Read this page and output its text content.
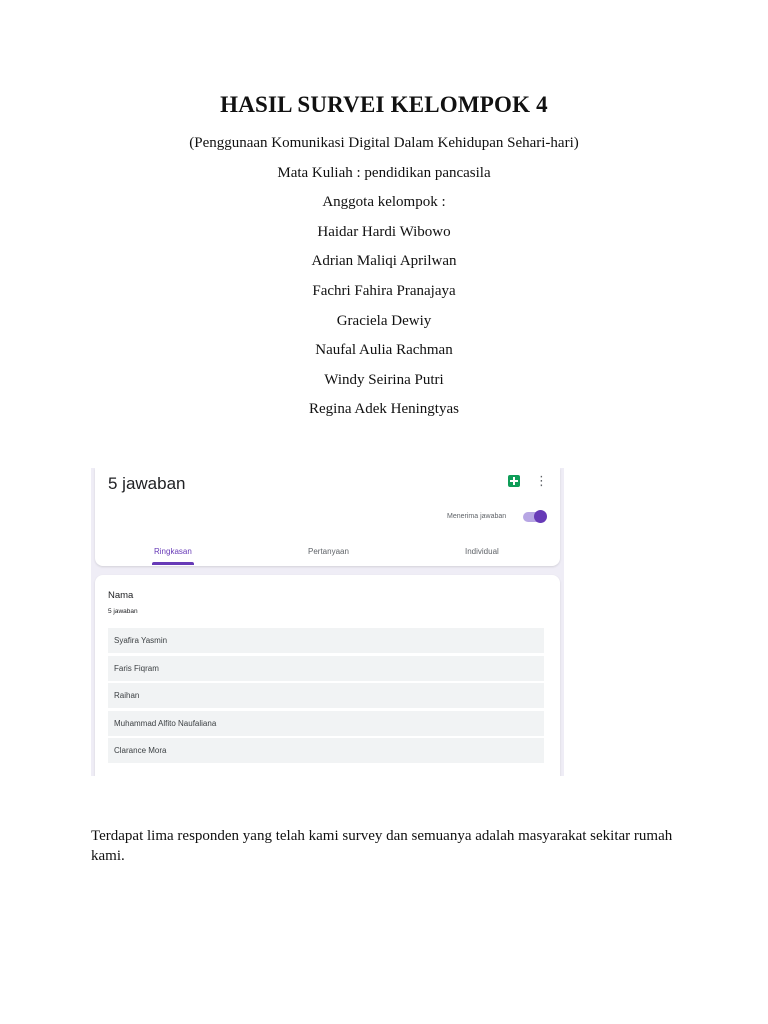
HASIL SURVEI KELOMPOK 4
(Penggunaan Komunikasi Digital Dalam Kehidupan Sehari-hari)
Mata Kuliah : pendidikan pancasila
Anggota kelompok :
Haidar Hardi Wibowo
Adrian Maliqi Aprilwan
Fachri Fahira Pranajaya
Graciela Dewiy
Naufal Aulia Rachman
Windy Seirina Putri
Regina Adek Heningtyas
5 jawaban	⋮
Menerima jawaban
Ringkasan	Pertanyaan	Individual
Nama
5 jawaban
Syafira Yasmin
Faris Fiqram
Raihan
Muhammad Alfito Naufaliana
Clarance Mora
Terdapat lima responden yang telah kami survey dan semuanya adalah masyarakat sekitar rumah kami.
